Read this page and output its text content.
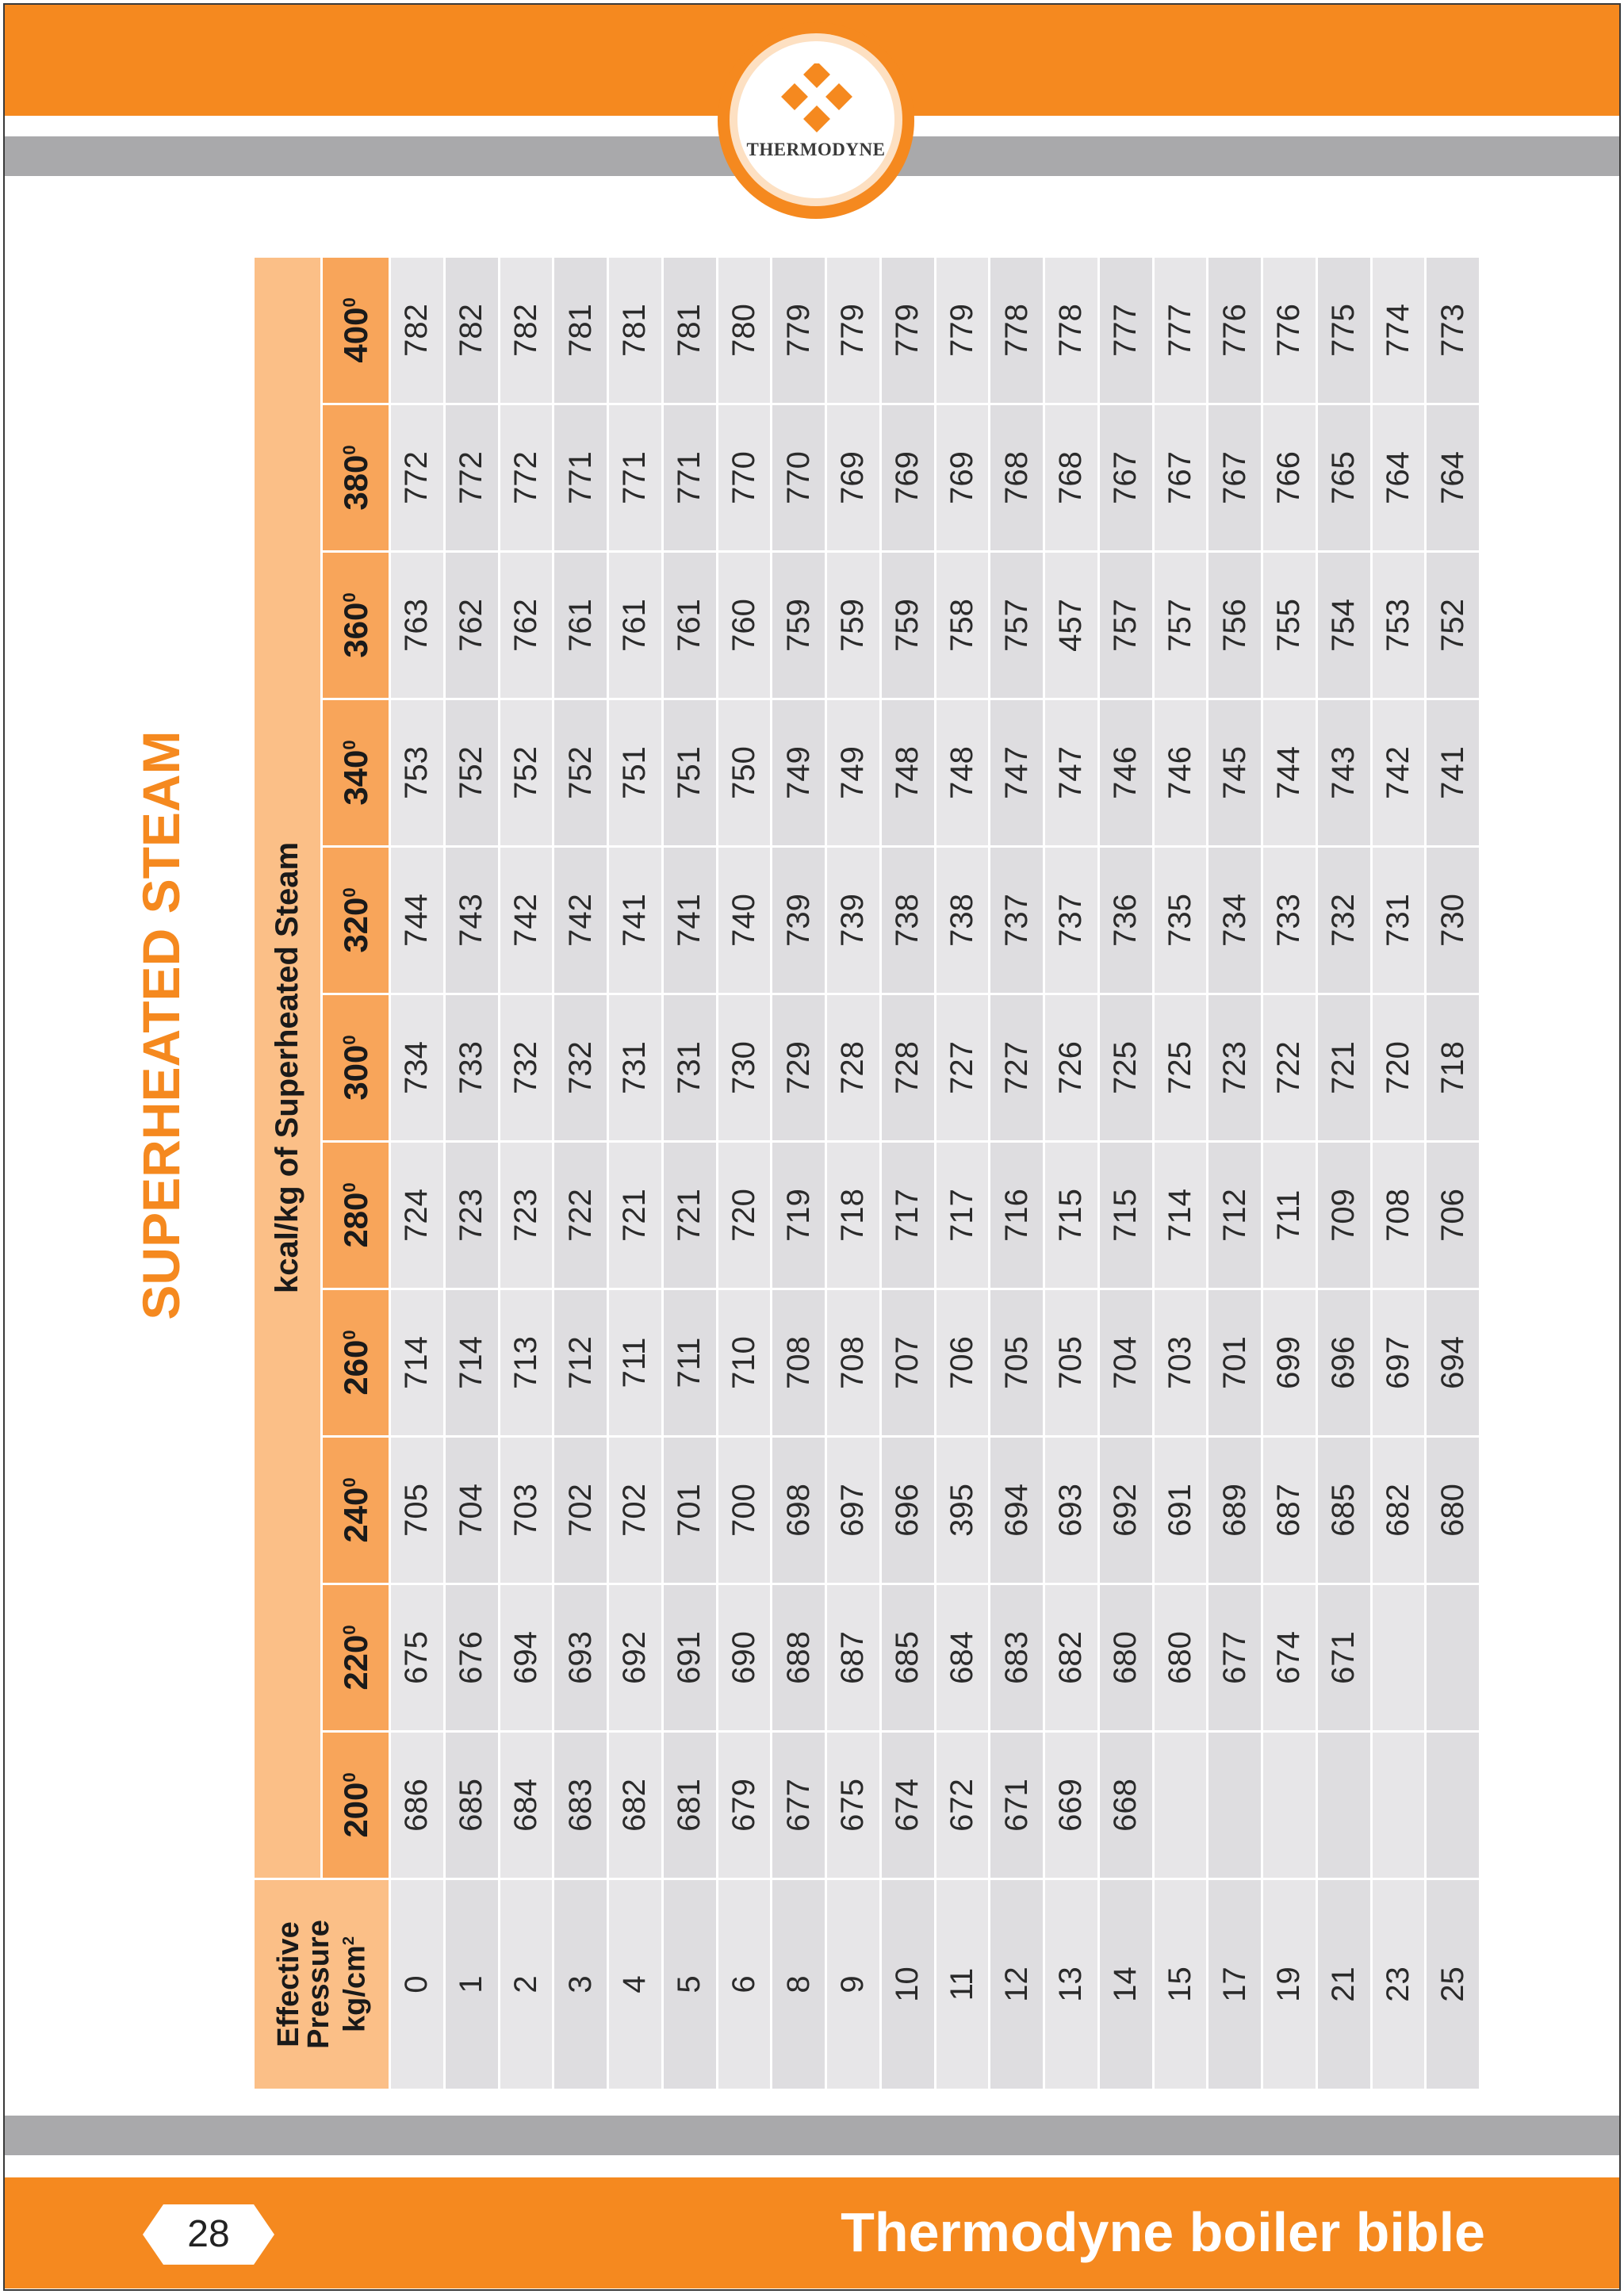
THERMODYNE
28	Thermodyne boiler bible
SUPERHEATED STEAM
Effective
Pressure $kg/cm^2$	kcal/kg of Superheated Steam										
	$200^0$	$220^0$	$240^0$	$260^0$	$280^0$	$300^0$	$320^0$	$340^0$	$360^0$	$380^0$	$400^0$
0	686	675	705	714	724	734	744	753	763	772	782
1	685	676	704	714	723	733	743	752	762	772	782
2	684	694	703	713	723	732	742	752	762	772	782
3	683	693	702	712	722	732	742	752	761	771	781
4	682	692	702	711	721	731	741	751	761	771	781
5	681	691	701	711	721	731	741	751	761	771	781
6	679	690	700	710	720	730	740	750	760	770	780
8	677	688	698	708	719	729	739	749	759	770	779
9	675	687	697	708	718	728	739	749	759	769	779
10	674	685	696	707	717	728	738	748	759	769	779
11	672	684	395	706	717	727	738	748	758	769	779
12	671	683	694	705	716	727	737	747	757	768	778
13	669	682	693	705	715	726	737	747	457	768	778
14	668	680	692	704	715	725	736	746	757	767	777
15		680	691	703	714	725	735	746	757	767	777
17		677	689	701	712	723	734	745	756	767	776
19		674	687	699	711	722	733	744	755	766	776
21		671	685	696	709	721	732	743	754	765	775
23			682	697	708	720	731	742	753	764	774
25			680	694	706	718	730	741	752	764	773
